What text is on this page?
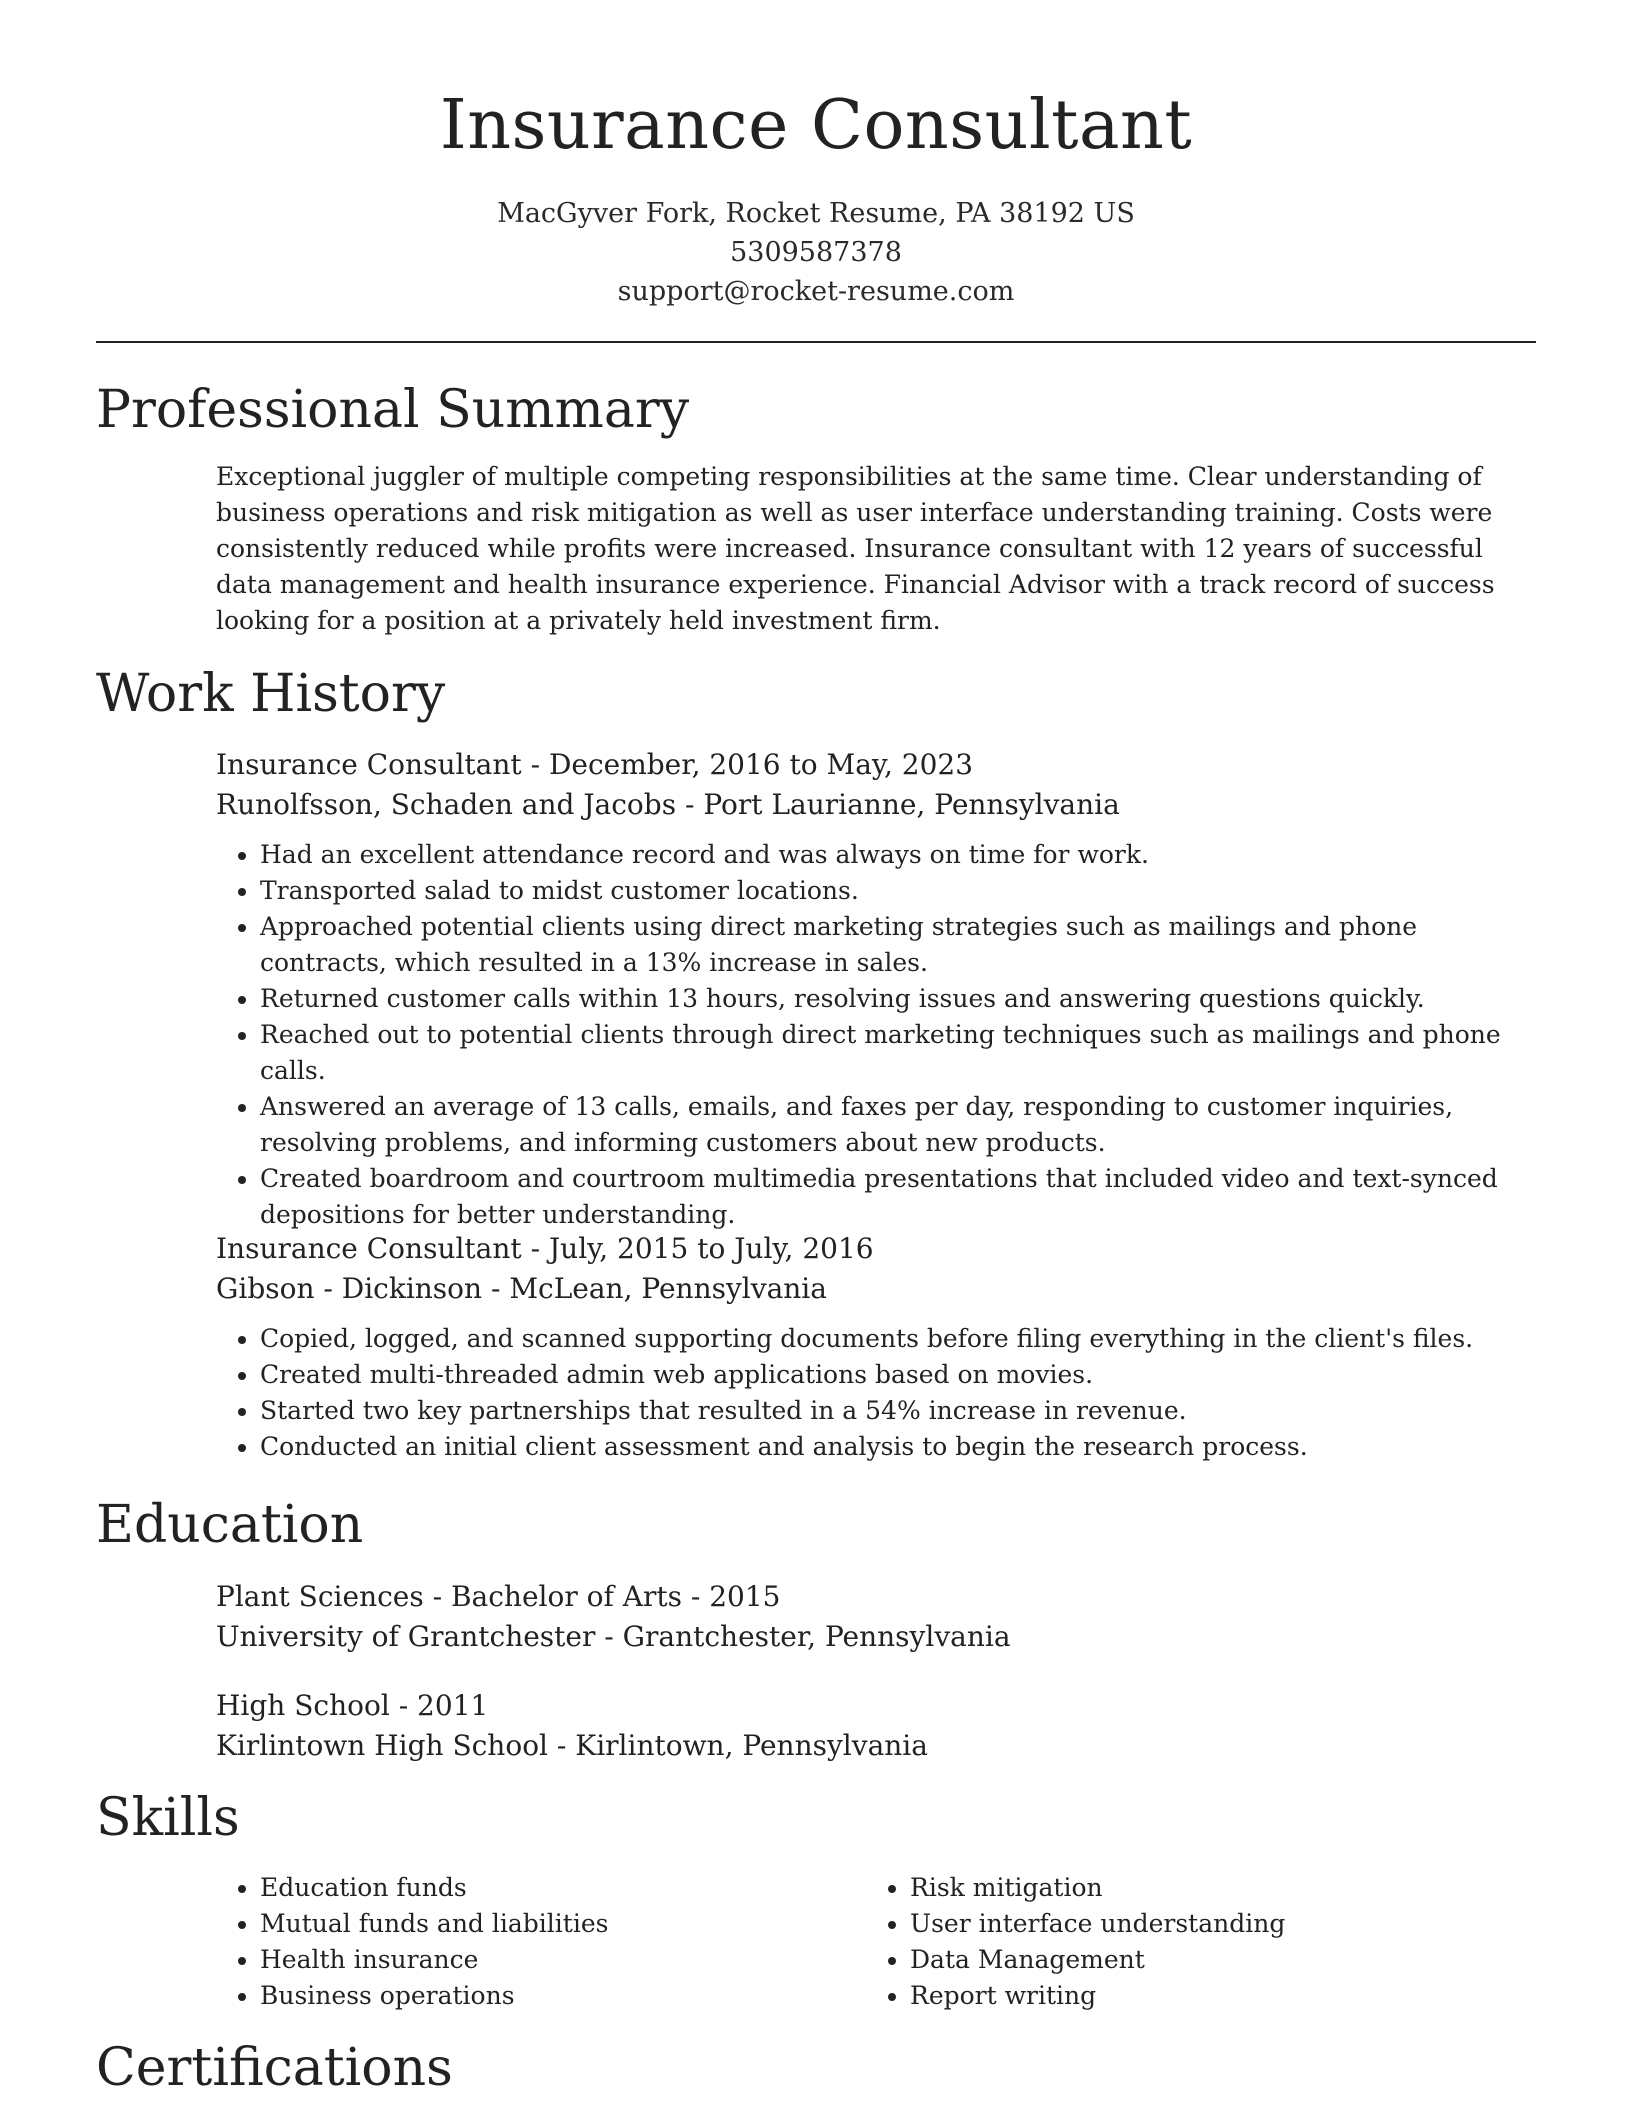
Insurance Consultant
MacGyver Fork, Rocket Resume, PA 38192 US
5309587378
support@rocket-resume.com
Professional Summary
Exceptional juggler of multiple competing responsibilities at the same time. Clear understanding of business operations and risk mitigation as well as user interface understanding training. Costs were consistently reduced while profits were increased. Insurance consultant with 12 years of successful data management and health insurance experience. Financial Advisor with a track record of success looking for a position at a privately held investment firm.
Work History
Insurance Consultant - December, 2016 to May, 2023
Runolfsson, Schaden and Jacobs - Port Laurianne, Pennsylvania
• Had an excellent attendance record and was always on time for work.
• Transported salad to midst customer locations.
• Approached potential clients using direct marketing strategies such as mailings and phone contracts, which resulted in a 13% increase in sales.
• Returned customer calls within 13 hours, resolving issues and answering questions quickly.
• Reached out to potential clients through direct marketing techniques such as mailings and phone calls.
• Answered an average of 13 calls, emails, and faxes per day, responding to customer inquiries, resolving problems, and informing customers about new products.
• Created boardroom and courtroom multimedia presentations that included video and text-synced depositions for better understanding.
Insurance Consultant - July, 2015 to July, 2016
Gibson - Dickinson - McLean, Pennsylvania
• Copied, logged, and scanned supporting documents before filing everything in the client's files.
• Created multi-threaded admin web applications based on movies.
• Started two key partnerships that resulted in a 54% increase in revenue.
• Conducted an initial client assessment and analysis to begin the research process.
Education
Plant Sciences - Bachelor of Arts - 2015
University of Grantchester - Grantchester, Pennsylvania
High School - 2011
Kirlintown High School - Kirlintown, Pennsylvania
Skills
• Education funds
• Mutual funds and liabilities
• Health insurance
• Business operations
• Risk mitigation
• User interface understanding
• Data Management
• Report writing
Certifications
